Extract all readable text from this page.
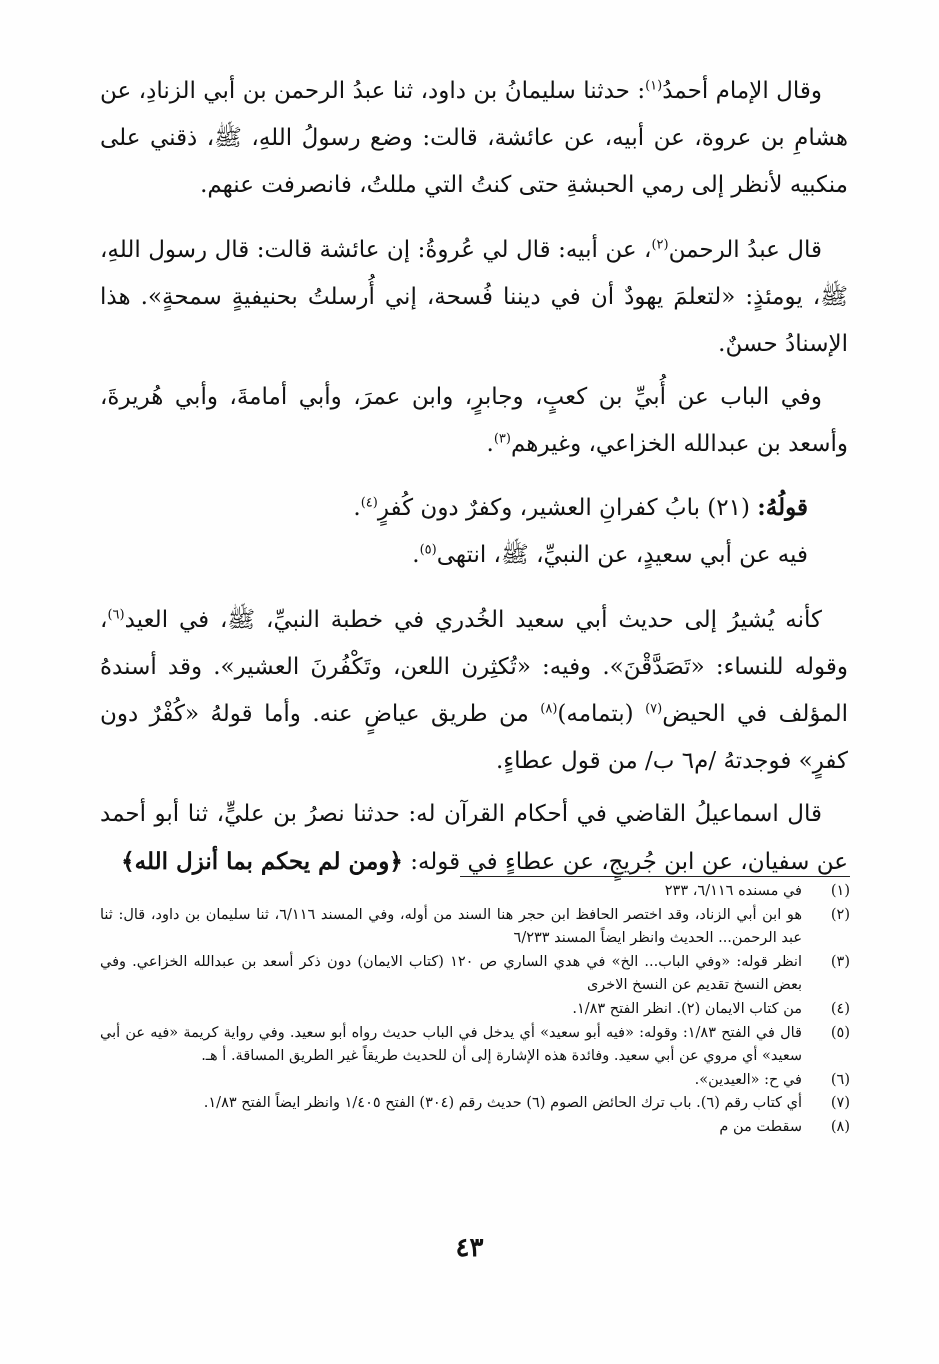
وقال الإمام أحمدُ$^{(١)}$: حدثنا سليمانُ بن داود، ثنا عبدُ الرحمن بن أبي الزنادِ، عن هشامِ بن عروة، عن أبيه، عن عائشة، قالت: وضع رسولُ اللهِ، ﷺ، ذقني على منكبيه لأنظر إلى رمي الحبشةِ حتى كنتُ التي مللتُ، فانصرفت عنهم.

قال عبدُ الرحمن$^{(٢)}$، عن أبيه: قال لي عُروةُ: إن عائشة قالت: قال رسول اللهِ، ﷺ، يومئذٍ: «لتعلمَ يهودٌ أن في ديننا فُسحة، إني أُرسلتُ بحنيفيةٍ سمحةٍ». هذا الإسنادُ حسنٌ.

وفي الباب عن أُبيِّ بن كعبٍ، وجابرٍ، وابن عمرَ، وأبي أمامةَ، وأبي هُريرةَ، وأسعد بن عبدالله الخزاعي، وغيرهم$^{(٣)}$.

قولُهُ: (٢١) بابُ كفرانِ العشير، وكفرٌ دون كُفرٍ$^{(٤)}$.

فيه عن أبي سعيدٍ، عن النبيِّ، ﷺ، انتهى$^{(٥)}$.

كأنه يُشيرُ إلى حديث أبي سعيد الخُدري في خطبة النبيِّ، ﷺ، في العيد$^{(٦)}$، وقوله للنساء: «تَصَدَّقْنَ». وفيه: «تُكثِرن اللعن، وتَكْفُرنَ العشير». وقد أسندهُ المؤلف في الحيض$^{(٧)}$ (بتمامه)$^{(٨)}$ من طريق عياضٍ عنه. وأما قولهُ «كُفْرٌ دون كفرٍ» فوجدتهُ /م٦ ب/ من قول عطاءٍ.

قال اسماعيلُ القاضي في أحكام القرآن له: حدثنا نصرُ بن عليٍّ، ثنا أبو أحمد عن سفيان، عن ابن جُريجٍ، عن عطاءٍ في قوله: ﴿ومن لم يحكم بما أنزل الله﴾

(١)
في مسنده ٦/١١٦، ٢٣٣
(٢)
هو ابن أبي الزناد، وقد اختصر الحافظ ابن حجر هنا السند من أوله، وفي المسند ٦/١١٦، ثنا سليمان بن داود، قال: ثنا عبد الرحمن... الحديث وانظر ايضاً المسند ٦/٢٣٣
(٣)
انظر قوله: «وفي الباب... الخ» في هدي الساري ص ١٢٠ (كتاب الايمان) دون ذكر أسعد بن عبدالله الخزاعي. وفي بعض النسخ تقديم عن النسخ الاخرى
(٤)
من كتاب الايمان (٢). انظر الفتح ١/٨٣.
(٥)
قال في الفتح ١/٨٣: وقوله: «فيه أبو سعيد» أي يدخل في الباب حديث رواه أبو سعيد. وفي رواية كريمة «فيه عن أبي سعيد» أي مروي عن أبي سعيد. وفائدة هذه الإشارة إلى أن للحديث طريقاً غير الطريق المساقة. أ هـ.
(٦)
في ح: «العيدين».
(٧)
أي كتاب رقم (٦). باب ترك الحائض الصوم (٦) حديث رقم (٣٠٤) الفتح ١/٤٠٥ وانظر ايضاً الفتح ١/٨٣.
(٨)
سقطت من م
٤٣
